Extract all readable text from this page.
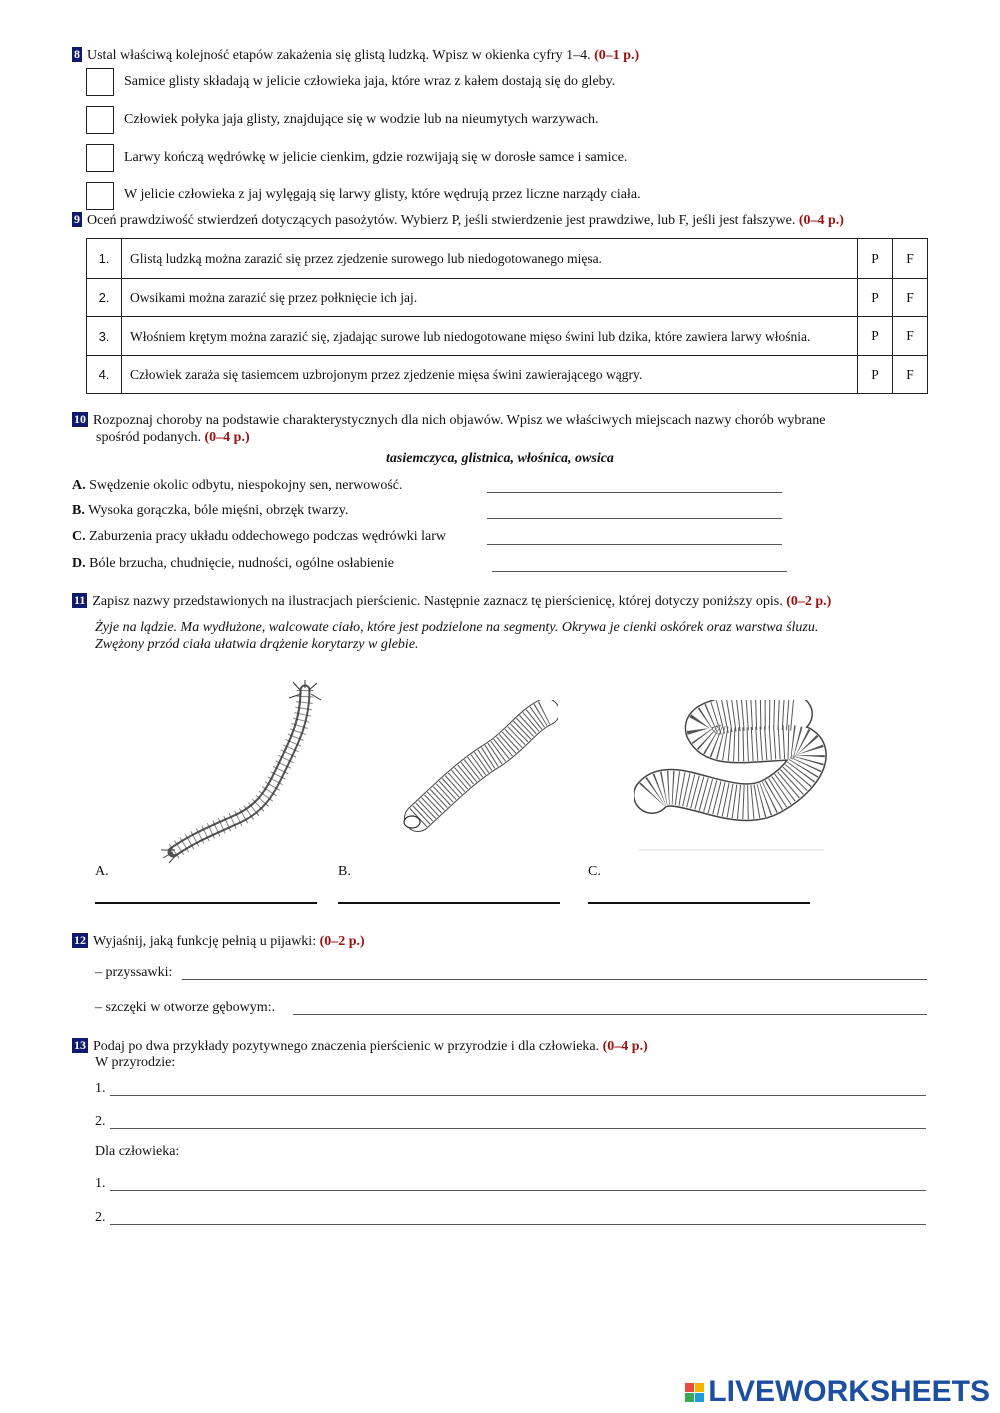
8 Ustal właściwą kolejność etapów zakażenia się glistą ludzką. Wpisz w okienka cyfry 1–4. (0–1 p.)
Samice glisty składają w jelicie człowieka jaja, które wraz z kałem dostają się do gleby.
Człowiek połyka jaja glisty, znajdujące się w wodzie lub na nieumytych warzywach.
Larwy kończą wędrówkę w jelicie cienkim, gdzie rozwijają się w dorosłe samce i samice.
W jelicie człowieka z jaj wylęgają się larwy glisty, które wędrują przez liczne narządy ciała.
9 Oceń prawdziwość stwierdzeń dotyczących pasożytów. Wybierz P, jeśli stwierdzenie jest prawdziwe, lub F, jeśli jest fałszywe. (0–4 p.)
1.	Glistą ludzką można zarazić się przez zjedzenie surowego lub niedogotowanego mięsa.	P	F
2.	Owsikami można zarazić się przez połknięcie ich jaj.	P	F
3.	Włośniem krętym można zarazić się, zjadając surowe lub niedogotowane mięso świni lub dzika, które zawiera larwy włośnia.	P	F
4.	Człowiek zaraża się tasiemcem uzbrojonym przez zjedzenie mięsa świni zawierającego wągry.	P	F
10 Rozpoznaj choroby na podstawie charakterystycznych dla nich objawów. Wpisz we właściwych miejscach nazwy chorób wybrane
spośród podanych. (0–4 p.)
tasiemczyca, glistnica, włośnica, owsica
A. Swędzenie okolic odbytu, niespokojny sen, nerwowość.
B. Wysoka gorączka, bóle mięśni, obrzęk twarzy.
C. Zaburzenia pracy układu oddechowego podczas wędrówki larw
D. Bóle brzucha, chudnięcie, nudności, ogólne osłabienie
11 Zapisz nazwy przedstawionych na ilustracjach pierścienic. Następnie zaznacz tę pierścienicę, której dotyczy poniższy opis. (0–2 p.)
Żyje na lądzie. Ma wydłużone, walcowate ciało, które jest podzielone na segmenty. Okrywa je cienki oskórek oraz warstwa śluzu.
Zwężony przód ciała ułatwia drążenie korytarzy w glebie.
A.	B.	C.
12 Wyjaśnij, jaką funkcję pełnią u pijawki: (0–2 p.)
– przyssawki:
– szczęki w otworze gębowym:.
13 Podaj po dwa przykłady pozytywnego znaczenia pierścienic w przyrodzie i dla człowieka. (0–4 p.)
W przyrodzie:
1.
2.
Dla człowieka:
1.
2.
LIVEWORKSHEETS
